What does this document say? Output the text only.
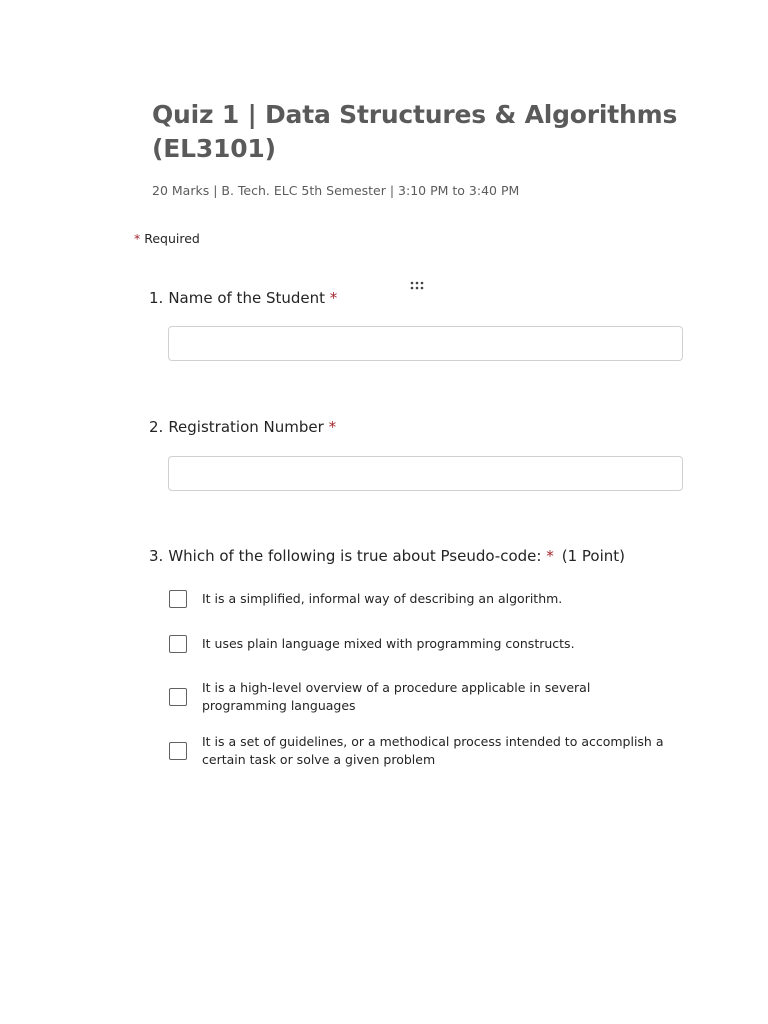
Quiz 1 | Data Structures & Algorithms (EL3101)

20 Marks | B. Tech. ELC 5th Semester | 3:10 PM to 3:40 PM

* Required
1. Name of the Student *
2. Registration Number *
3. Which of the following is true about Pseudo-code: * (1 Point)
It is a simplified, informal way of describing an algorithm.
It uses plain language mixed with programming constructs.
It is a high-level overview of a procedure applicable in several programming languages
It is a set of guidelines, or a methodical process intended to accomplish a certain task or solve a given problem
